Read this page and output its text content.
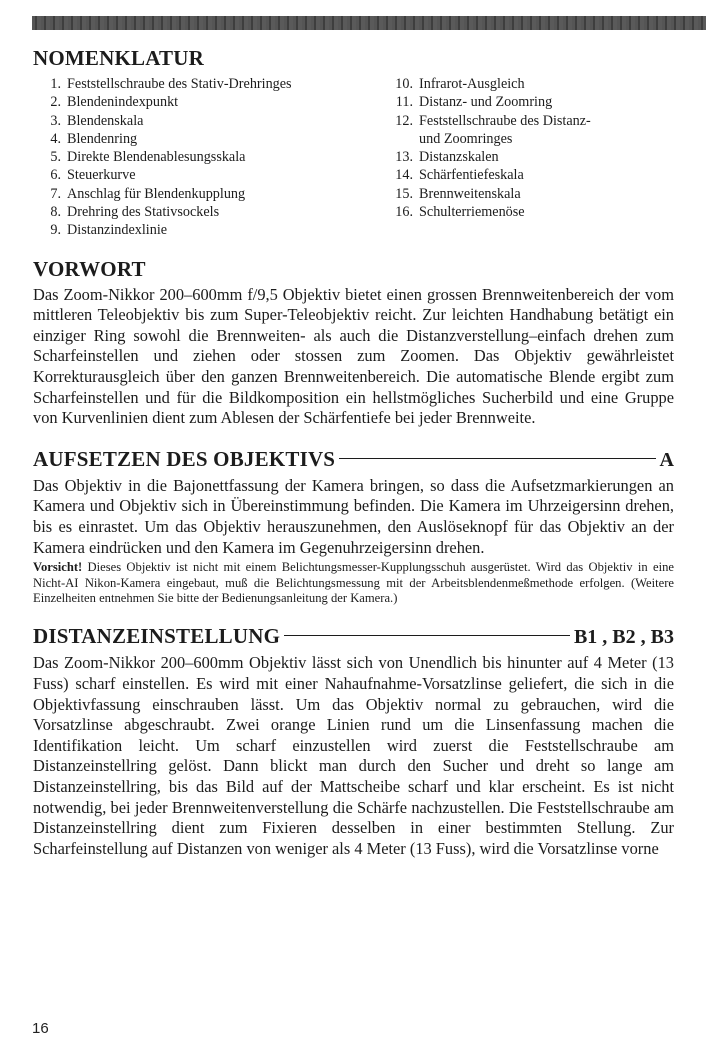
NOMENKLATUR
1. Feststellschraube des Stativ-Drehringes
2. Blendenindexpunkt
3. Blendenskala
4. Blendenring
5. Direkte Blendenablesungsskala
6. Steuerkurve
7. Anschlag für Blendenkupplung
8. Drehring des Stativsockels
9. Distanzindexlinie
10. Infrarot-Ausgleich
11. Distanz- und Zoomring
12. Feststellschraube des Distanz-
und Zoomringes
13. Distanzskalen
14. Schärfentiefeskala
15. Brennweitenskala
16. Schulterriemenöse
VORWORT

Das Zoom-Nikkor 200–600mm f/9,5 Objektiv bietet einen grossen Brennweitenbereich der vom mittleren Teleobjektiv bis zum Super-Teleobjektiv reicht. Zur leichten Handhabung betätigt ein einziger Ring sowohl die Brennweiten- als auch die Distanzverstellung–einfach drehen zum Scharfeinstellen und ziehen oder stossen zum Zoomen. Das Objektiv gewährleistet Korrekturausgleich über den ganzen Brennweitenbereich. Die automatische Blende ergibt zum Scharfeinstellen und für die Bildkomposition ein hellstmögliches Sucherbild und eine Gruppe von Kurvenlinien dient zum Ablesen der Schärfentiefe bei jeder Brennweite.

AUFSETZEN DES OBJEKTIVS	A

Das Objektiv in die Bajonettfassung der Kamera bringen, so dass die Aufsetzmarkierungen an Kamera und Objektiv sich in Übereinstimmung befinden. Die Kamera im Uhrzeigersinn drehen, bis es einrastet. Um das Objektiv herauszunehmen, den Auslöseknopf für das Objektiv an der Kamera eindrücken und den Kamera im Gegenuhrzeigersinn drehen.

Vorsicht! Dieses Objektiv ist nicht mit einem Belichtungsmesser-Kupplungsschuh ausgerüstet. Wird das Objektiv in eine Nicht-AI Nikon-Kamera eingebaut, muß die Belichtungsmessung mit der Arbeitsblendenmeßmethode erfolgen. (Weitere Einzelheiten entnehmen Sie bitte der Bedienungsanleitung der Kamera.)

DISTANZEINSTELLUNG	B1 , B2 , B3

Das Zoom-Nikkor 200–600mm Objektiv lässt sich von Unendlich bis hinunter auf 4 Meter (13 Fuss) scharf einstellen. Es wird mit einer Nahaufnahme-Vorsatzlinse geliefert, die sich in die Objektivfassung einschrauben lässt. Um das Objektiv normal zu gebrauchen, wird die Vorsatzlinse abgeschraubt. Zwei orange Linien rund um die Linsenfassung machen die Identifikation leicht. Um scharf einzustellen wird zuerst die Feststellschraube am Distanzeinstellring gelöst. Dann blickt man durch den Sucher und dreht so lange am Distanzeinstellring, bis das Bild auf der Mattscheibe scharf und klar erscheint. Es ist nicht notwendig, bei jeder Brennweitenverstellung die Schärfe nachzustellen. Die Feststellschraube am Distanzeinstellring dient zum Fixieren desselben in einer bestimmten Stellung. Zur Scharfeinstellung auf Distanzen von weniger als 4 Meter (13 Fuss), wird die Vorsatzlinse vorne

16
